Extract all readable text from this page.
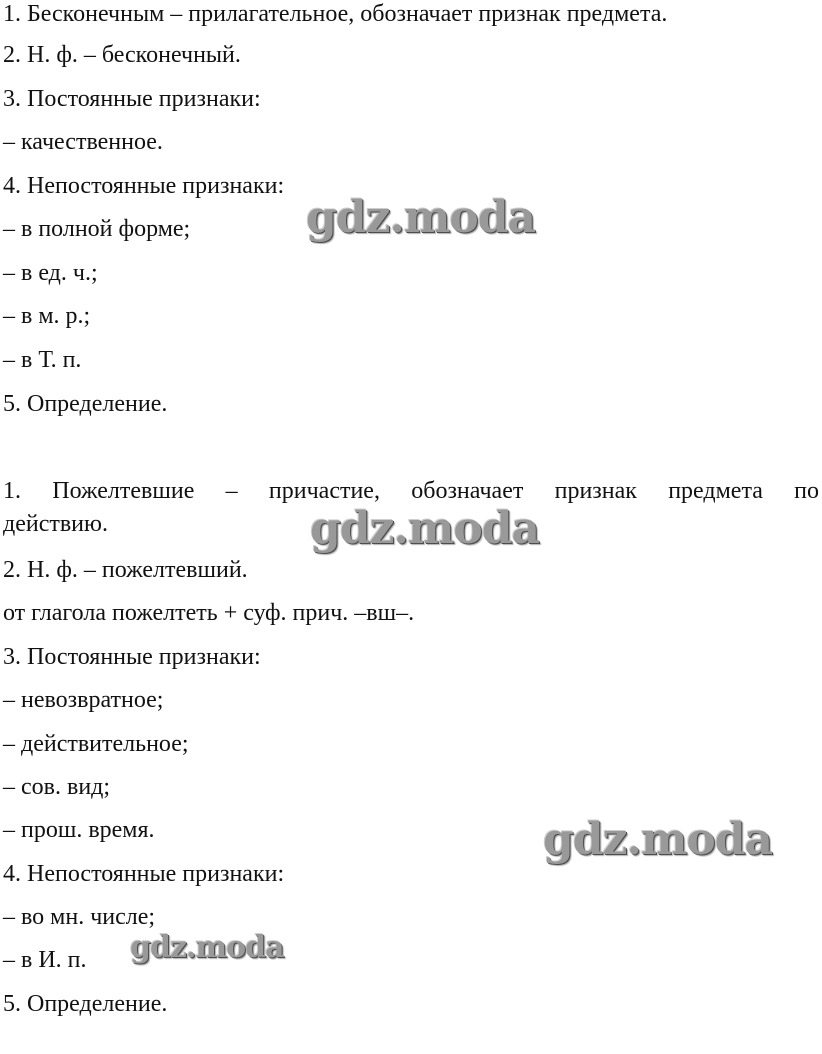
1. Бесконечным – прилагательное, обозначает признак предмета.
2. Н. ф. – бесконечный.
3. Постоянные признаки:
– качественное.
4. Непостоянные признаки:
– в полной форме;
– в ед. ч.;
– в м. р.;
– в Т. п.
5. Определение.
1. Пожелтевшие – причастие, обозначает признак предмета по
действию.
2. Н. ф. – пожелтевший.
от глагола пожелтеть + суф. прич. –вш–.
3. Постоянные признаки:
– невозвратное;
– действительное;
– сов. вид;
– прош. время.
4. Непостоянные признаки:
– во мн. числе;
– в И. п.
5. Определение.
gdz.moda
gdz.moda
gdz.moda
gdz.moda
